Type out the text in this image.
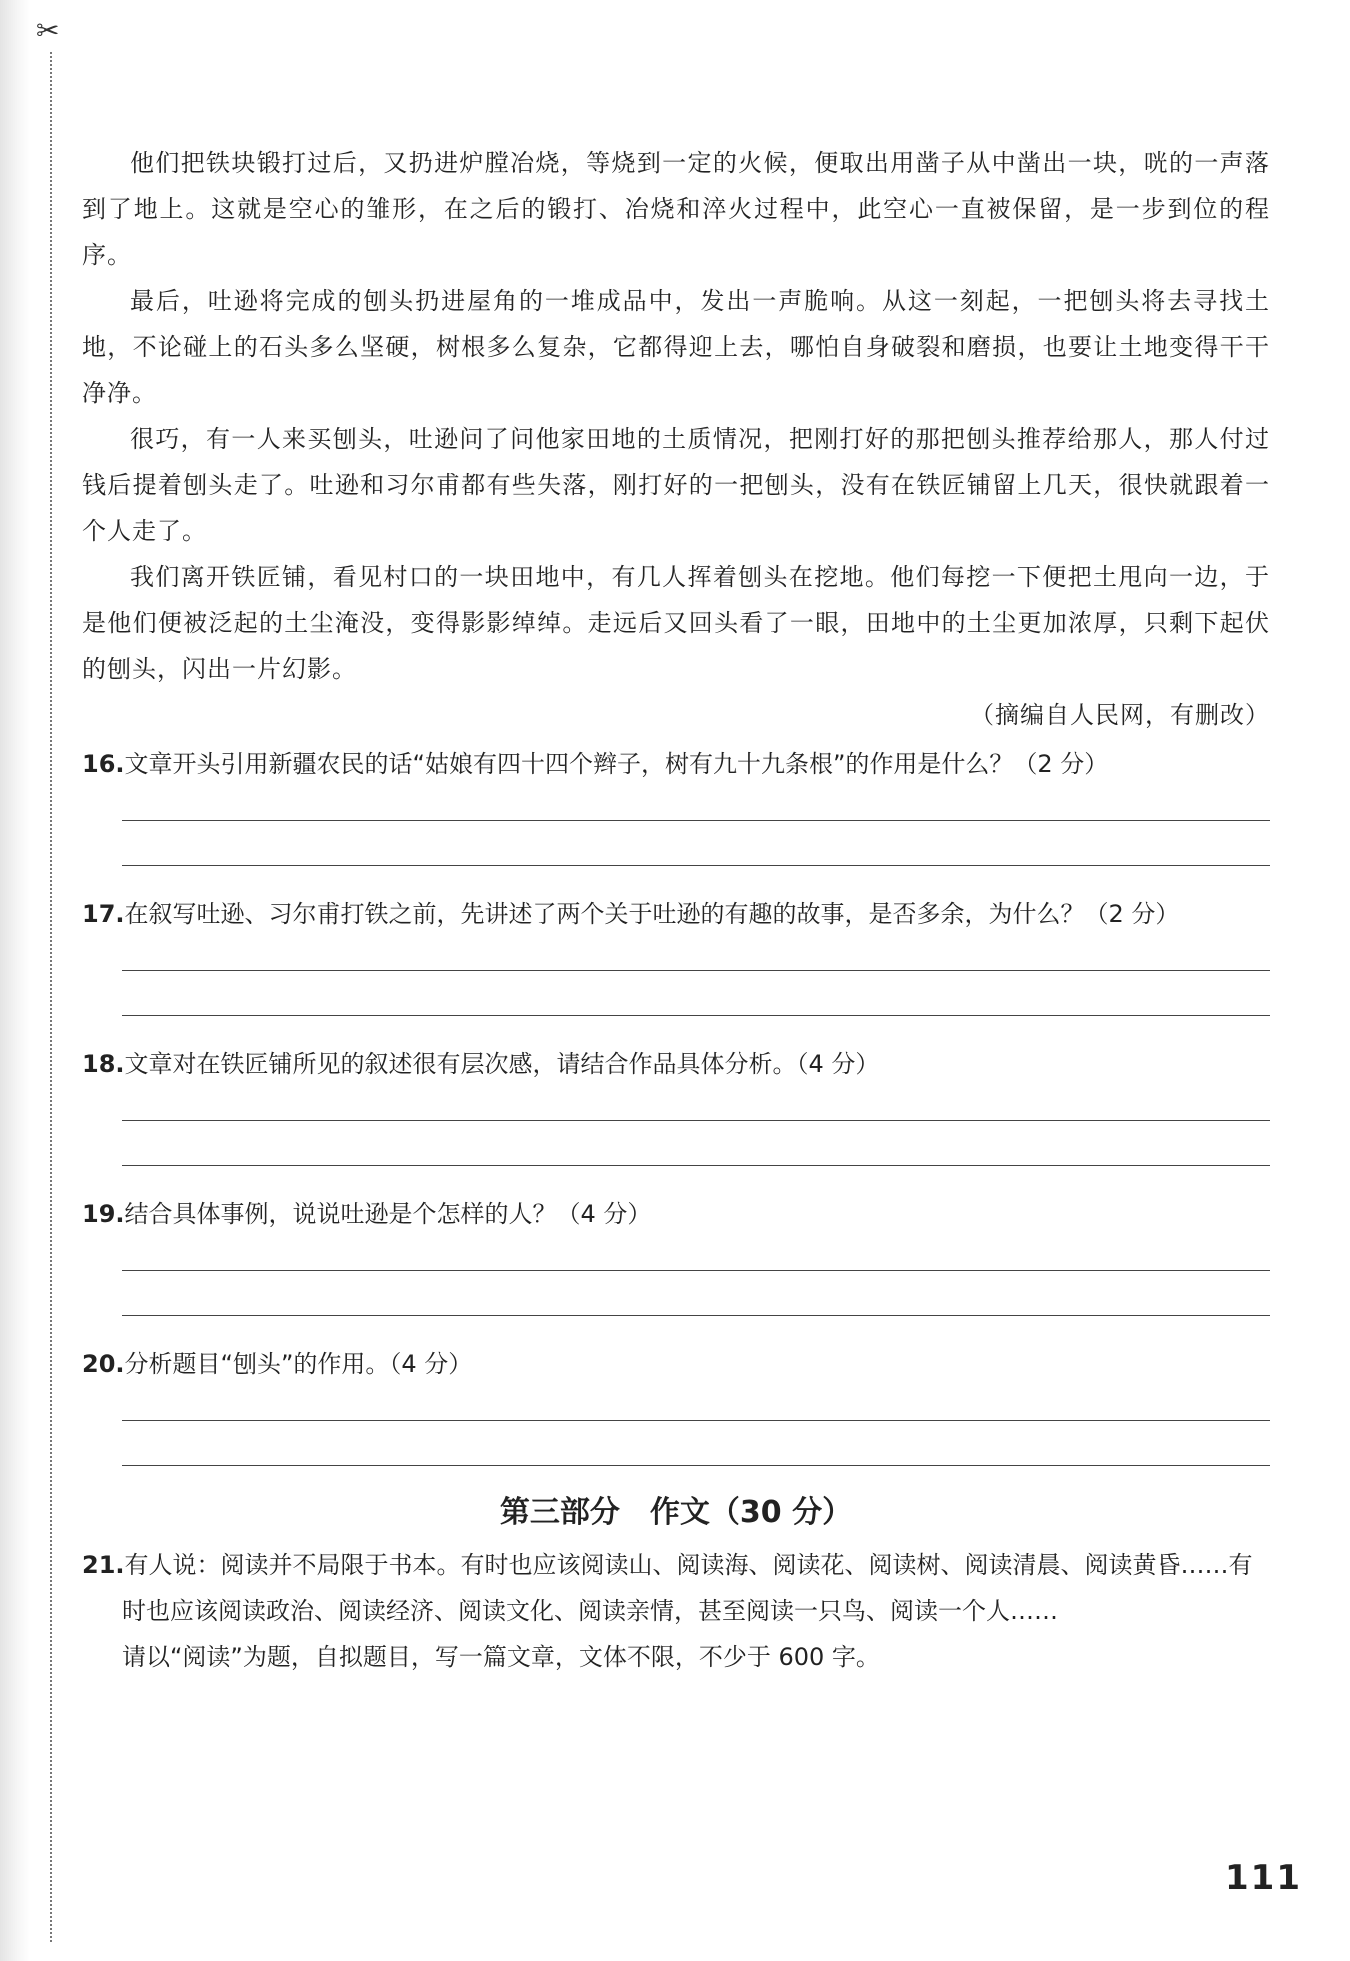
✂

他们把铁块锻打过后，又扔进炉膛冶烧，等烧到一定的火候，便取出用凿子从中凿出一块，咣的一声落到了地上。这就是空心的雏形，在之后的锻打、冶烧和淬火过程中，此空心一直被保留，是一步到位的程序。

最后，吐逊将完成的刨头扔进屋角的一堆成品中，发出一声脆响。从这一刻起，一把刨头将去寻找土地，不论碰上的石头多么坚硬，树根多么复杂，它都得迎上去，哪怕自身破裂和磨损，也要让土地变得干干净净。

很巧，有一人来买刨头，吐逊问了问他家田地的土质情况，把刚打好的那把刨头推荐给那人，那人付过钱后提着刨头走了。吐逊和习尔甫都有些失落，刚打好的一把刨头，没有在铁匠铺留上几天，很快就跟着一个人走了。

我们离开铁匠铺，看见村口的一块田地中，有几人挥着刨头在挖地。他们每挖一下便把土甩向一边，于是他们便被泛起的土尘淹没，变得影影绰绰。走远后又回头看了一眼，田地中的土尘更加浓厚，只剩下起伏的刨头，闪出一片幻影。

（摘编自人民网，有删改）

16.文章开头引用新疆农民的话“姑娘有四十四个辫子，树有九十九条根”的作用是什么？（2 分）
17.在叙写吐逊、习尔甫打铁之前，先讲述了两个关于吐逊的有趣的故事，是否多余，为什么？（2 分）
18.文章对在铁匠铺所见的叙述很有层次感，请结合作品具体分析。（4 分）
19.结合具体事例，说说吐逊是个怎样的人？（4 分）
20.分析题目“刨头”的作用。（4 分）

第三部分　作文（30 分）

21.有人说：阅读并不局限于书本。有时也应该阅读山、阅读海、阅读花、阅读树、阅读清晨、阅读黄昏……有时也应该阅读政治、阅读经济、阅读文化、阅读亲情，甚至阅读一只鸟、阅读一个人……
请以“阅读”为题，自拟题目，写一篇文章，文体不限，不少于 600 字。
111
